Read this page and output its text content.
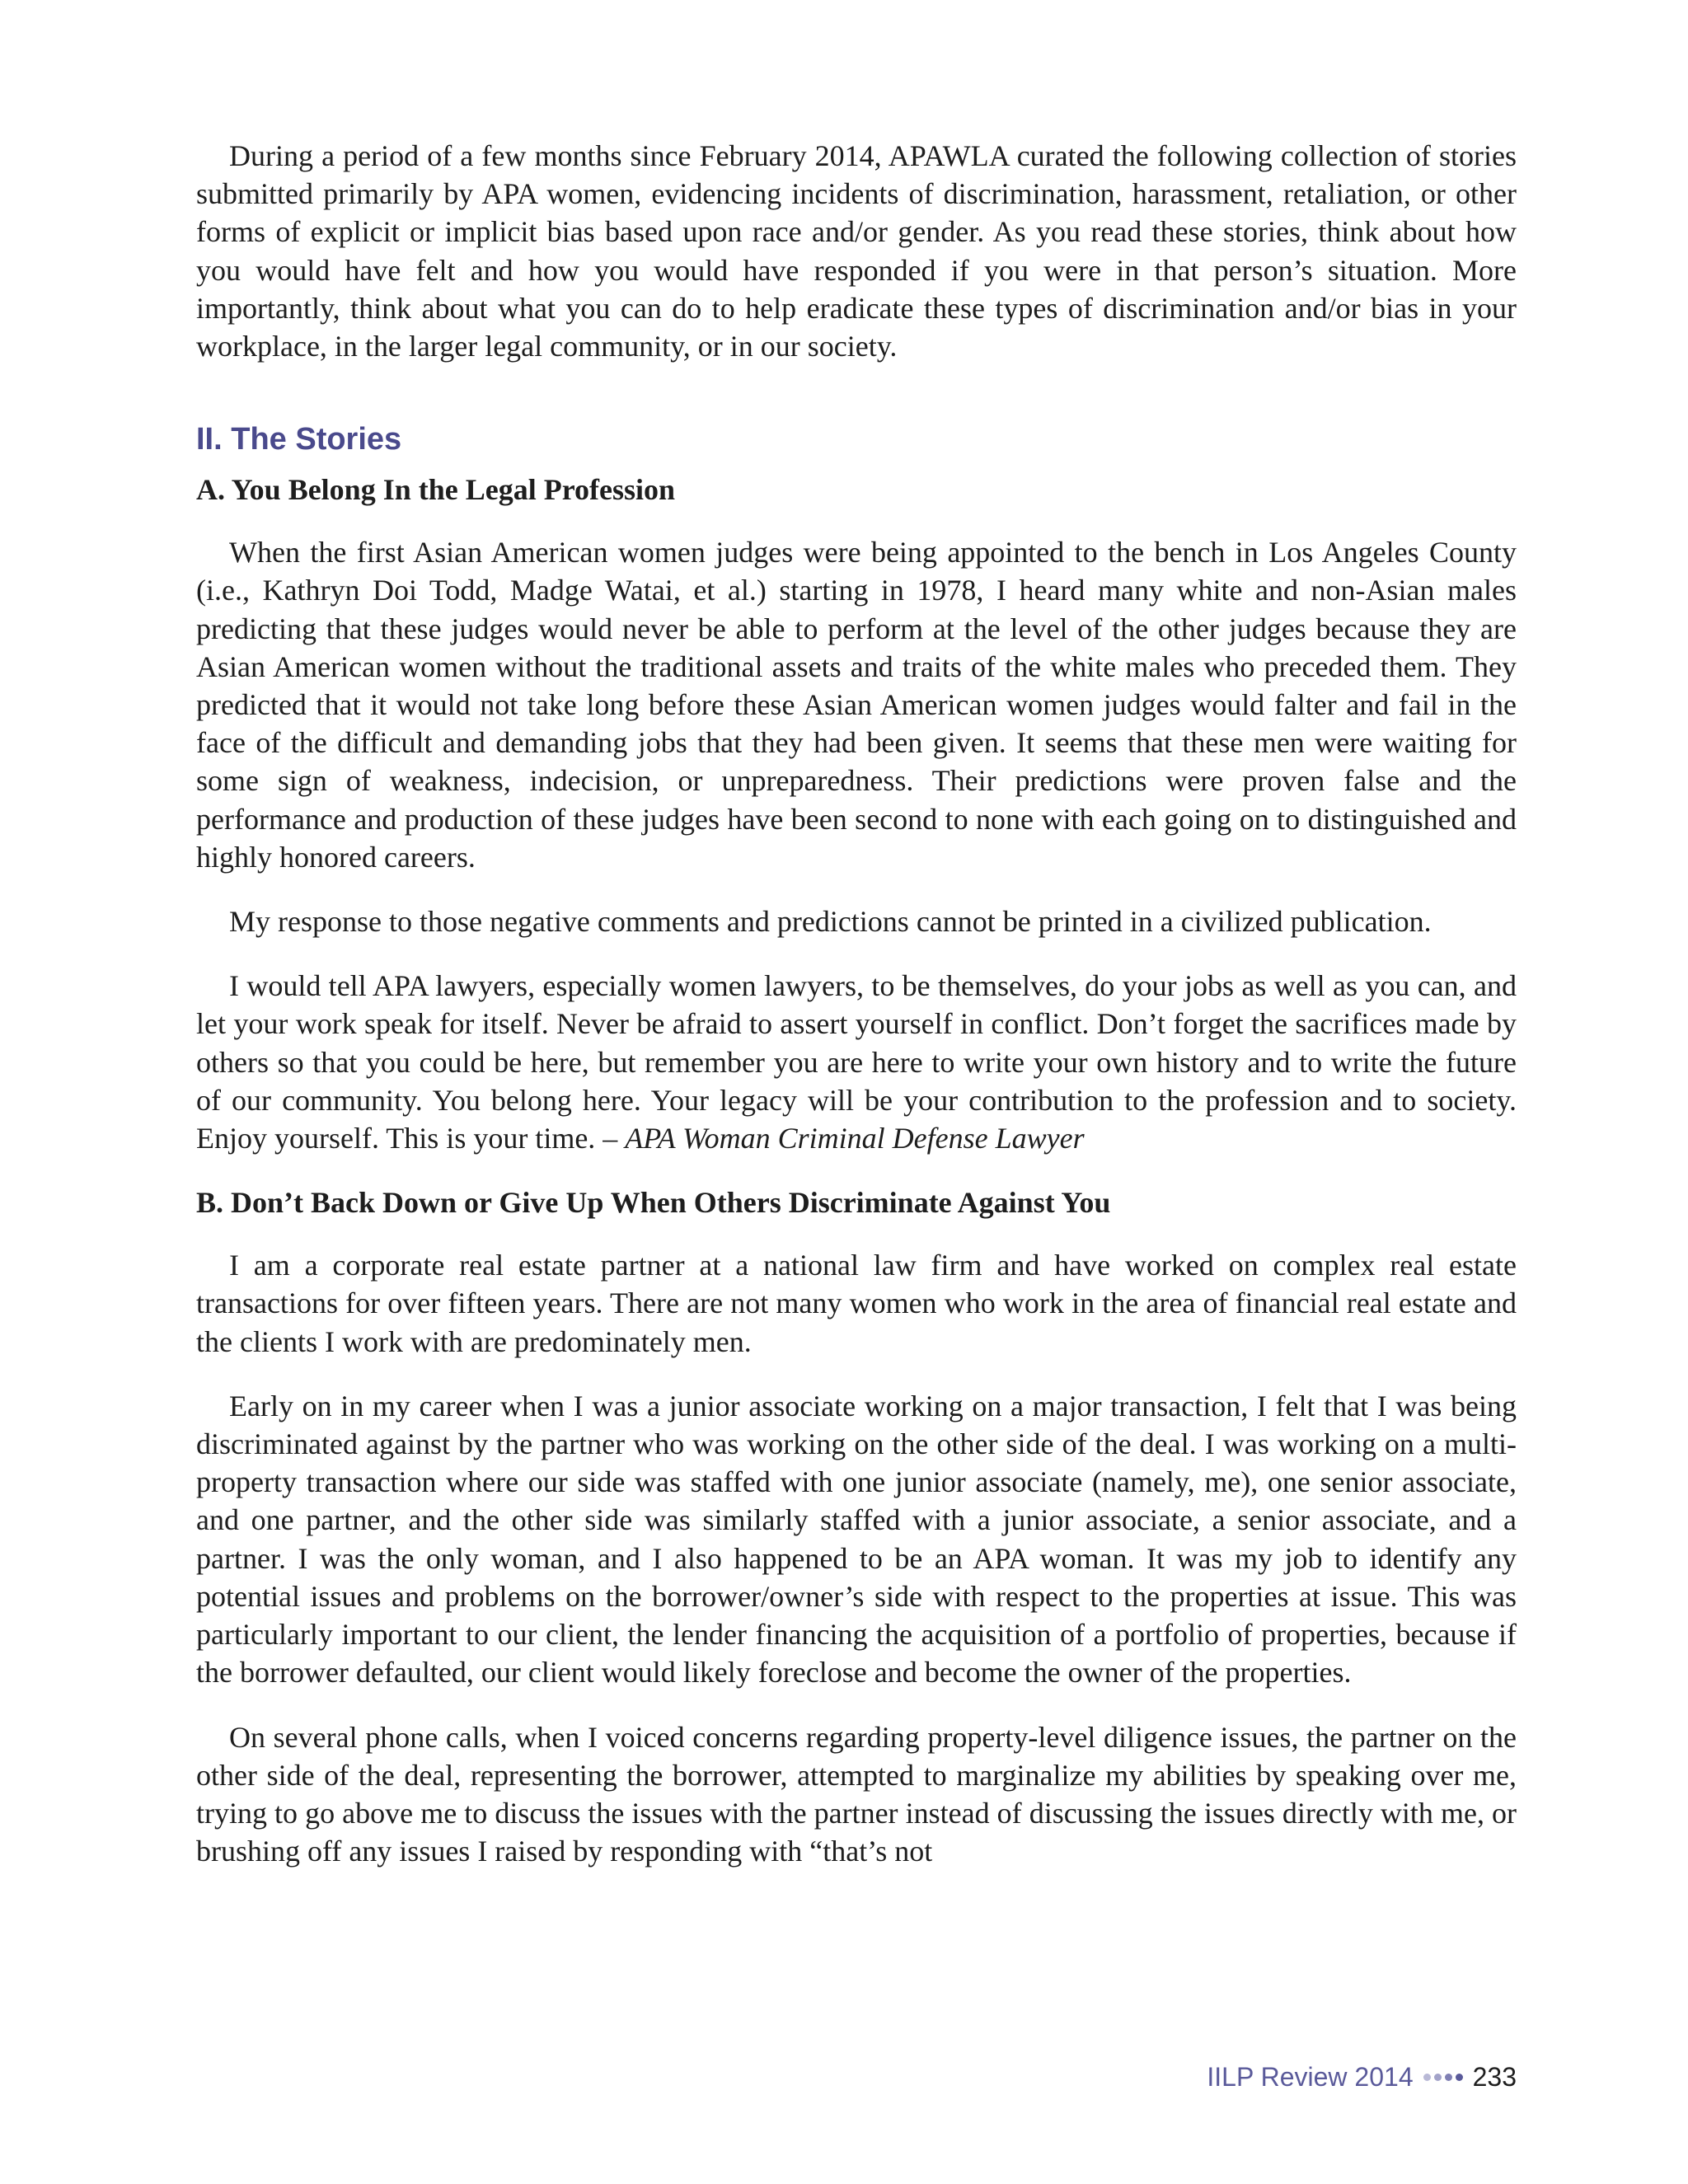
During a period of a few months since February 2014, APAWLA curated the following collection of stories submitted primarily by APA women, evidencing incidents of discrimination, harassment, retaliation, or other forms of explicit or implicit bias based upon race and/or gender. As you read these stories, think about how you would have felt and how you would have responded if you were in that person’s situation. More importantly, think about what you can do to help eradicate these types of discrimination and/or bias in your workplace, in the larger legal community, or in our society.

II. The Stories
A. You Belong In the Legal Profession

When the first Asian American women judges were being appointed to the bench in Los Angeles County (i.e., Kathryn Doi Todd, Madge Watai, et al.) starting in 1978, I heard many white and non-Asian males predicting that these judges would never be able to perform at the level of the other judges because they are Asian American women without the traditional assets and traits of the white males who preceded them. They predicted that it would not take long before these Asian American women judges would falter and fail in the face of the difficult and demanding jobs that they had been given. It seems that these men were waiting for some sign of weakness, indecision, or unpreparedness. Their predictions were proven false and the performance and production of these judges have been second to none with each going on to distinguished and highly honored careers.

My response to those negative comments and predictions cannot be printed in a civilized publication.

I would tell APA lawyers, especially women lawyers, to be themselves, do your jobs as well as you can, and let your work speak for itself. Never be afraid to assert yourself in conflict. Don’t forget the sacrifices made by others so that you could be here, but remember you are here to write your own history and to write the future of our community. You belong here. Your legacy will be your contribution to the profession and to society. Enjoy yourself. This is your time. – APA Woman Criminal Defense Lawyer

B. Don’t Back Down or Give Up When Others Discriminate Against You

I am a corporate real estate partner at a national law firm and have worked on complex real estate transactions for over fifteen years. There are not many women who work in the area of financial real estate and the clients I work with are predominately men.

Early on in my career when I was a junior associate working on a major transaction, I felt that I was being discriminated against by the partner who was working on the other side of the deal. I was working on a multi-property transaction where our side was staffed with one junior associate (namely, me), one senior associate, and one partner, and the other side was similarly staffed with a junior associate, a senior associate, and a partner. I was the only woman, and I also happened to be an APA woman. It was my job to identify any potential issues and problems on the borrower/owner’s side with respect to the properties at issue. This was particularly important to our client, the lender financing the acquisition of a portfolio of properties, because if the borrower defaulted, our client would likely foreclose and become the owner of the properties.

On several phone calls, when I voiced concerns regarding property-level diligence issues, the partner on the other side of the deal, representing the borrower, attempted to marginalize my abilities by speaking over me, trying to go above me to discuss the issues with the partner instead of discussing the issues directly with me, or brushing off any issues I raised by responding with “that’s not

IILP Review 2014 233
